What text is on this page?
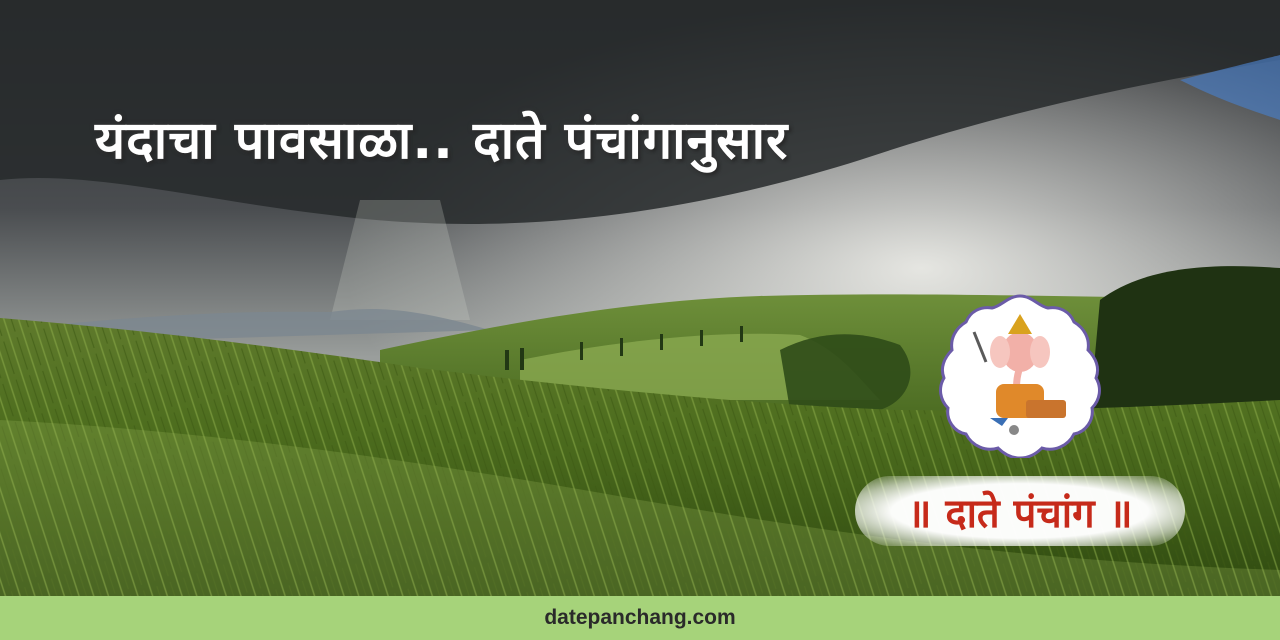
यंदाचा पावसाळा.. दाते पंचांगानुसार
॥ दाते पंचांग ॥
datepanchang.com
